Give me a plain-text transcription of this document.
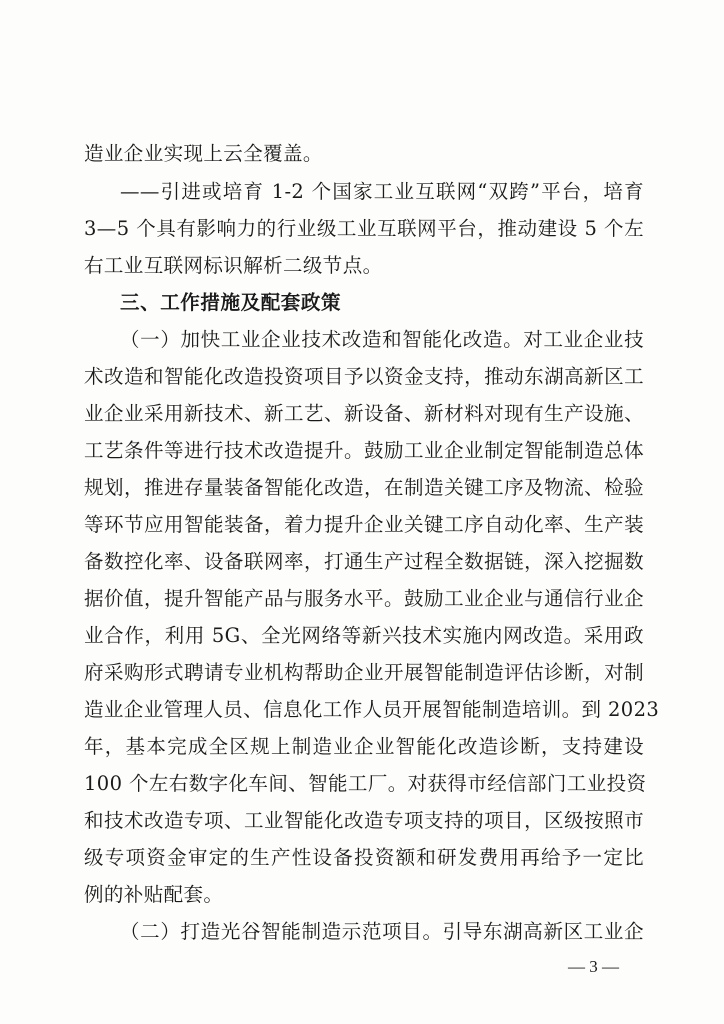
造业企业实现上云全覆盖。
——引进或培育 1-2 个国家工业互联网“双跨”平台，培育
3—5 个具有影响力的行业级工业互联网平台，推动建设 5 个左
右工业互联网标识解析二级节点。
三、工作措施及配套政策
（一）加快工业企业技术改造和智能化改造。对工业企业技
术改造和智能化改造投资项目予以资金支持，推动东湖高新区工
业企业采用新技术、新工艺、新设备、新材料对现有生产设施、
工艺条件等进行技术改造提升。鼓励工业企业制定智能制造总体
规划，推进存量装备智能化改造，在制造关键工序及物流、检验
等环节应用智能装备，着力提升企业关键工序自动化率、生产装
备数控化率、设备联网率，打通生产过程全数据链，深入挖掘数
据价值，提升智能产品与服务水平。鼓励工业企业与通信行业企
业合作，利用 5G、全光网络等新兴技术实施内网改造。采用政
府采购形式聘请专业机构帮助企业开展智能制造评估诊断，对制
造业企业管理人员、信息化工作人员开展智能制造培训。到 2023
年，基本完成全区规上制造业企业智能化改造诊断，支持建设
100 个左右数字化车间、智能工厂。对获得市经信部门工业投资
和技术改造专项、工业智能化改造专项支持的项目，区级按照市
级专项资金审定的生产性设备投资额和研发费用再给予一定比
例的补贴配套。
（二）打造光谷智能制造示范项目。引导东湖高新区工业企
— 3 —
